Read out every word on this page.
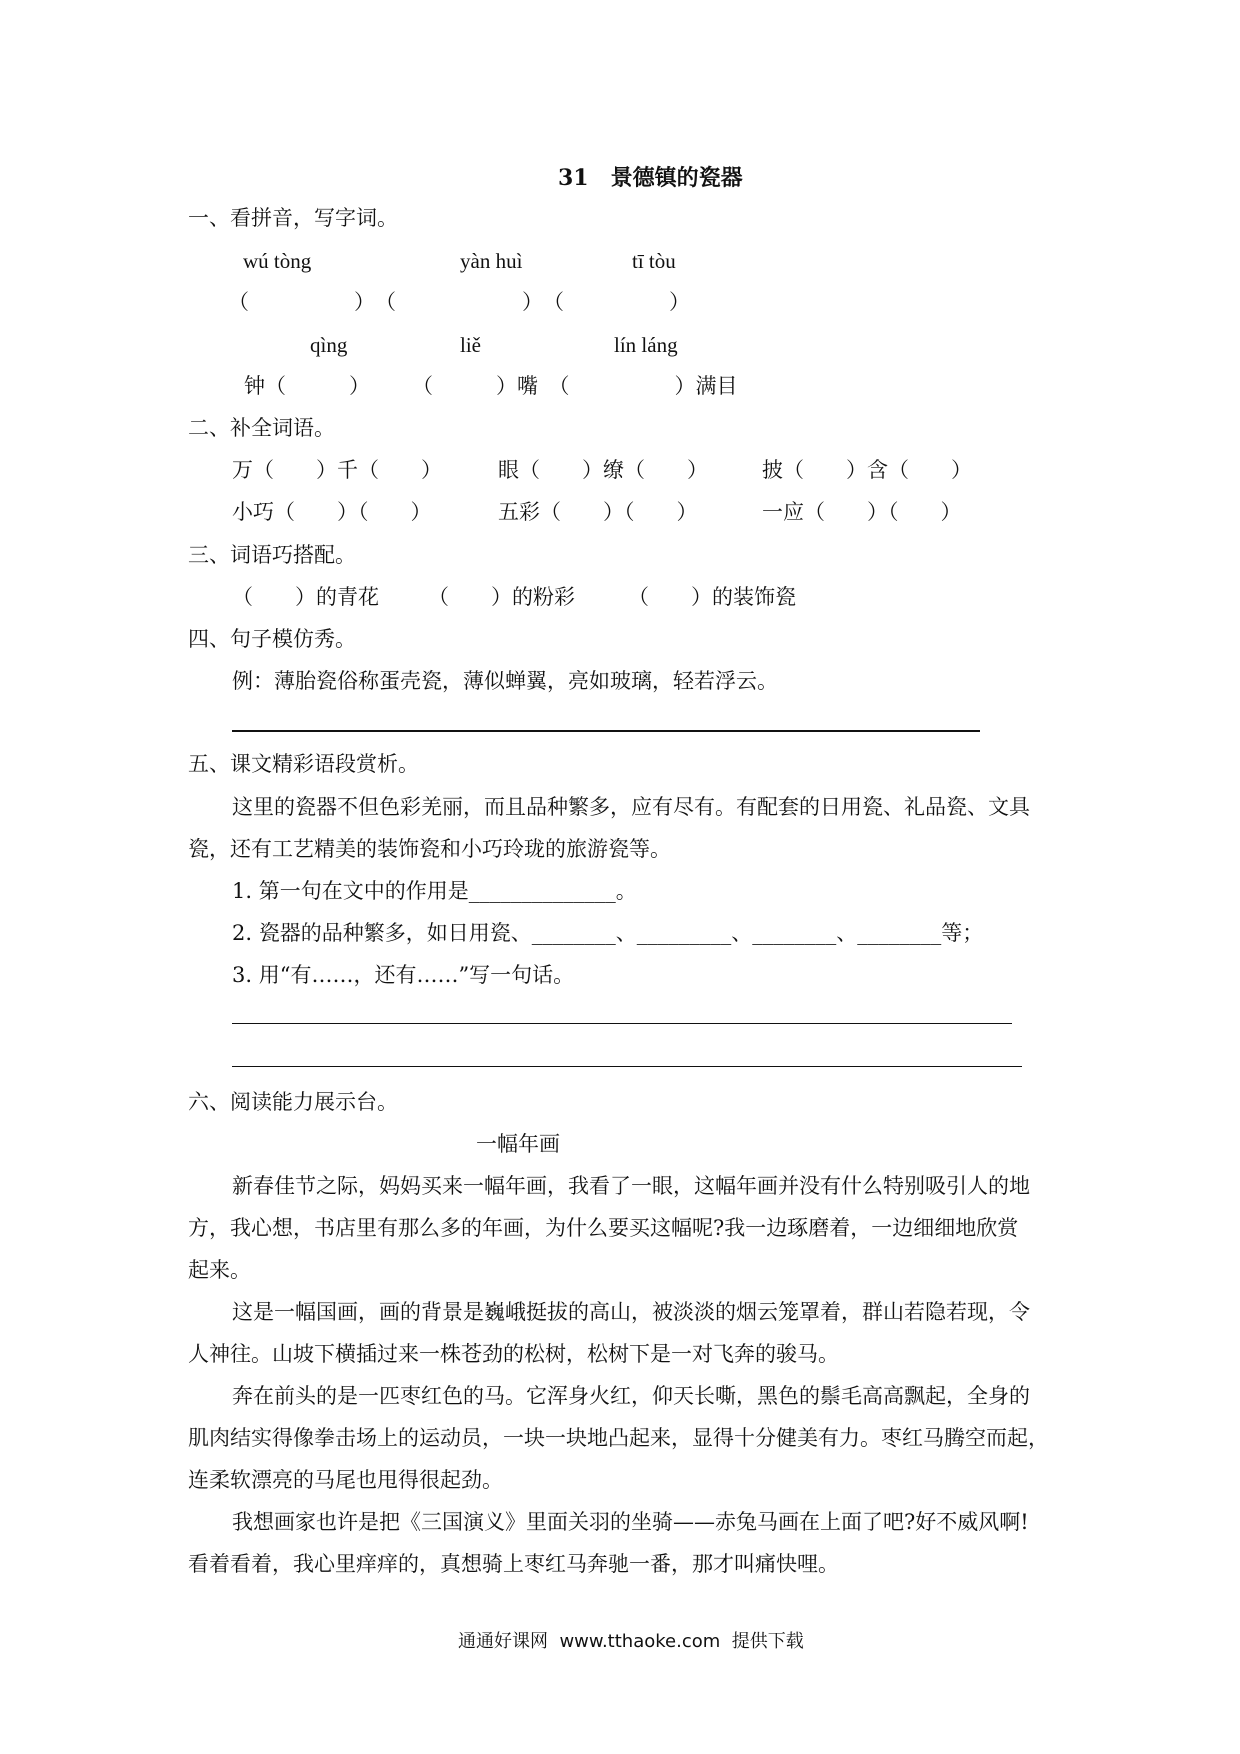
31　景德镇的瓷器
一、看拼音，写字词。
wú tòng	yàn huì	tī tòu
（　　　　　）　（　　　　　　）　（　　　　　）
qìng	liě	lín láng
钟（　　　）　　　（　　　）嘴　（　　　　　）满目
二、补全词语。
万（　　）千（　　）	眼（　　）缭（　　）	披（　　）含（　　）
小巧（　　）（　　）	五彩（　　）（　　）	一应（　　）（　　）
三、词语巧搭配。
（　　）的青花 （　　）的粉彩	（　　）的装饰瓷
四、句子模仿秀。
例：薄胎瓷俗称蛋壳瓷，薄似蝉翼，亮如玻璃，轻若浮云。
五、课文精彩语段赏析。
这里的瓷器不但色彩羌丽，而且品种繁多，应有尽有。有配套的日用瓷、礼品瓷、文具
瓷，还有工艺精美的装饰瓷和小巧玲珑的旅游瓷等。
1. 第一句在文中的作用是______________。
2. 瓷器的品种繁多，如日用瓷、________、_________、________、________等；
3. 用“有……，还有……”写一句话。
六、阅读能力展示台。
一幅年画
新春佳节之际，妈妈买来一幅年画，我看了一眼，这幅年画并没有什么特别吸引人的地
方，我心想，书店里有那么多的年画，为什么要买这幅呢?我一边琢磨着，一边细细地欣赏
起来。
这是一幅国画，画的背景是巍峨挺拔的高山，被淡淡的烟云笼罩着，群山若隐若现，令
人神往。山坡下横插过来一株苍劲的松树，松树下是一对飞奔的骏马。
奔在前头的是一匹枣红色的马。它浑身火红，仰天长嘶，黑色的鬃毛高高飘起，全身的
肌肉结实得像拳击场上的运动员，一块一块地凸起来，显得十分健美有力。枣红马腾空而起，
连柔软漂亮的马尾也甩得很起劲。
我想画家也许是把《三国演义》里面关羽的坐骑——赤兔马画在上面了吧?好不威风啊!
看着看着，我心里痒痒的，真想骑上枣红马奔驰一番，那才叫痛快哩。
通通好课网  www.tthaoke.com  提供下载
